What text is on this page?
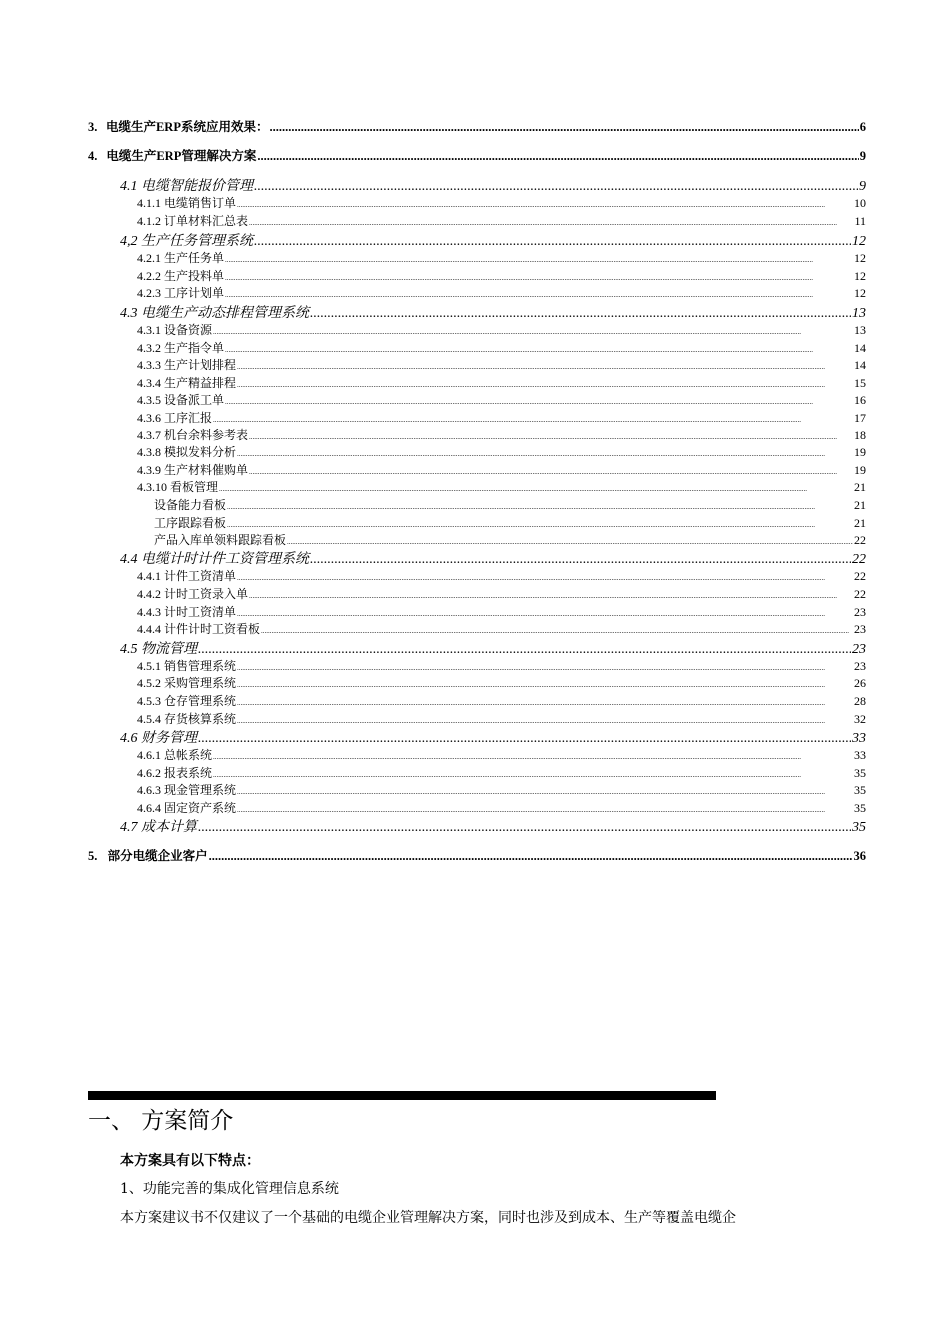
3. 电缆生产ERP系统应用效果： .....	6
4. 电缆生产ERP管理解决方案 .....	9
4.1 电缆智能报价管理 .....	9
4.1.1 电缆销售订单 .....	10
4.1.2 订单材料汇总表 .....	11
4,2 生产任务管理系统 .....	12
4.2.1 生产任务单 .....	12
4.2.2 生产投料单 .....	12
4.2.3 工序计划单 .....	12
4.3 电缆生产动态排程管理系统 .....	13
4.3.1 设备资源 .....	13
4.3.2 生产指令单 .....	14
4.3.3 生产计划排程 .....	14
4.3.4 生产精益排程 .....	15
4.3.5 设备派工单 .....	16
4.3.6 工序汇报 .....	17
4.3.7 机台余料参考表 .....	18
4.3.8 模拟发料分析 .....	19
4.3.9 生产材料催购单 .....	19
4.3.10 看板管理 .....	21
设备能力看板 .....	21
工序跟踪看板 .....	21
产品入库单领料跟踪看板 .....	22
4.4 电缆计时计件工资管理系统 .....	22
4.4.1 计件工资清单 .....	22
4.4.2 计时工资录入单 .....	22
4.4.3 计时工资清单 .....	23
4.4.4 计件计时工资看板 .....	23
4.5 物流管理 .....	23
4.5.1 销售管理系统 .....	23
4.5.2 采购管理系统 .....	26
4.5.3 仓存管理系统 .....	28
4.5.4 存货核算系统 .....	32
4.6 财务管理 .....	33
4.6.1 总帐系统 .....	33
4.6.2 报表系统 .....	35
4.6.3 现金管理系统 .....	35
4.6.4 固定资产系统 .....	35
4.7 成本计算 .....	35
5. 部分电缆企业客户 .....	36
一、 方案简介

本方案具有以下特点：

1、功能完善的集成化管理信息系统

本方案建议书不仅建议了一个基础的电缆企业管理解决方案，同时也涉及到成本、生产等覆盖电缆企
